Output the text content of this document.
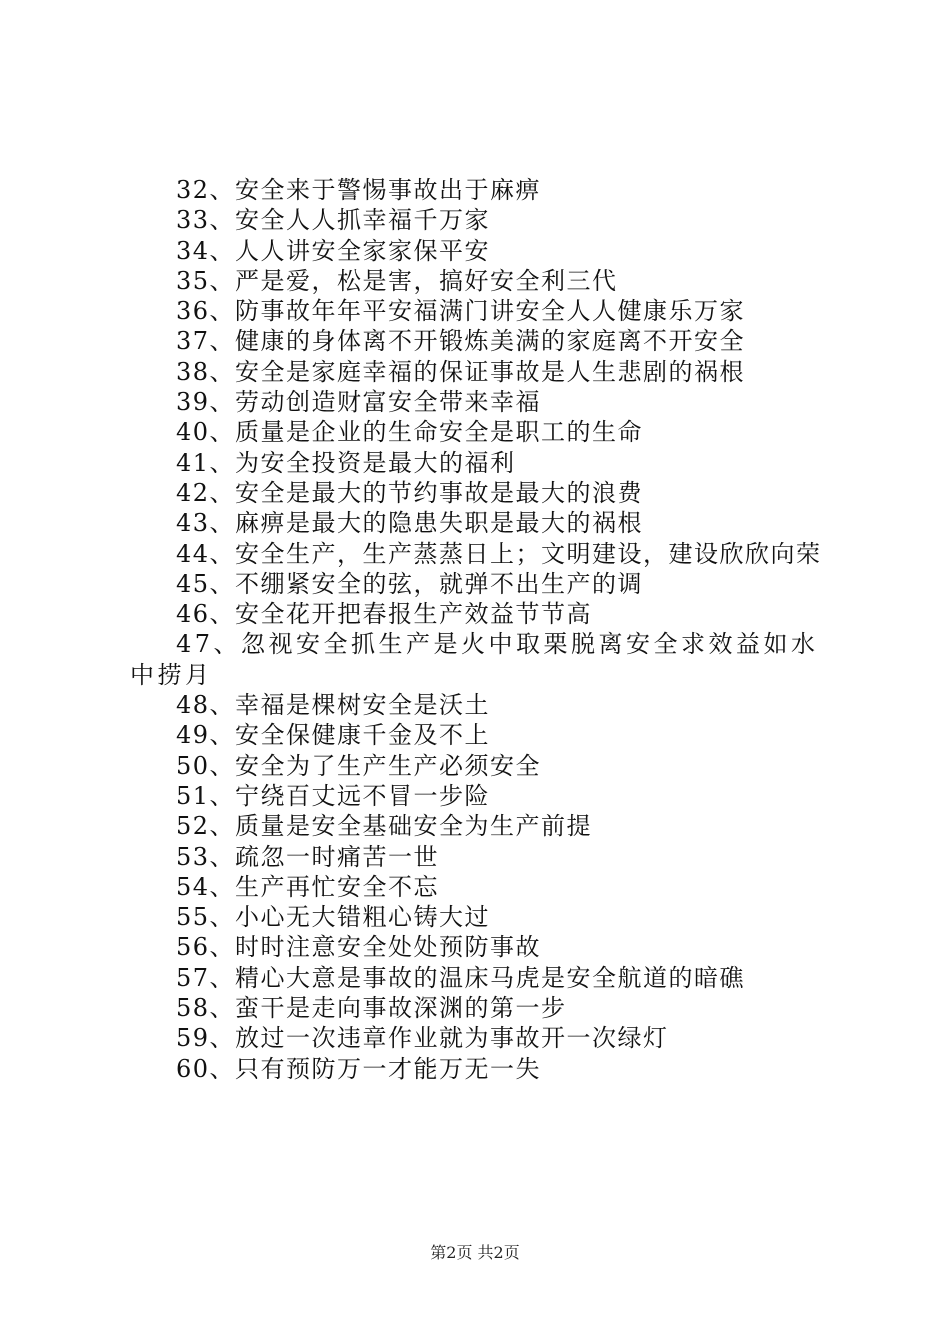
32、安全来于警惕事故出于麻痹
33、安全人人抓幸福千万家
34、人人讲安全家家保平安
35、严是爱，松是害，搞好安全利三代
36、防事故年年平安福满门讲安全人人健康乐万家
37、健康的身体离不开锻炼美满的家庭离不开安全
38、安全是家庭幸福的保证事故是人生悲剧的祸根
39、劳动创造财富安全带来幸福
40、质量是企业的生命安全是职工的生命
41、为安全投资是最大的福利
42、安全是最大的节约事故是最大的浪费
43、麻痹是最大的隐患失职是最大的祸根
44、安全生产，生产蒸蒸日上；文明建设，建设欣欣向荣
45、不绷紧安全的弦，就弹不出生产的调
46、安全花开把春报生产效益节节高
47、忽视安全抓生产是火中取栗脱离安全求效益如水中捞月
48、幸福是棵树安全是沃土
49、安全保健康千金及不上
50、安全为了生产生产必须安全
51、宁绕百丈远不冒一步险
52、质量是安全基础安全为生产前提
53、疏忽一时痛苦一世
54、生产再忙安全不忘
55、小心无大错粗心铸大过
56、时时注意安全处处预防事故
57、精心大意是事故的温床马虎是安全航道的暗礁
58、蛮干是走向事故深渊的第一步
59、放过一次违章作业就为事故开一次绿灯
60、只有预防万一才能万无一失
第2页 共2页
